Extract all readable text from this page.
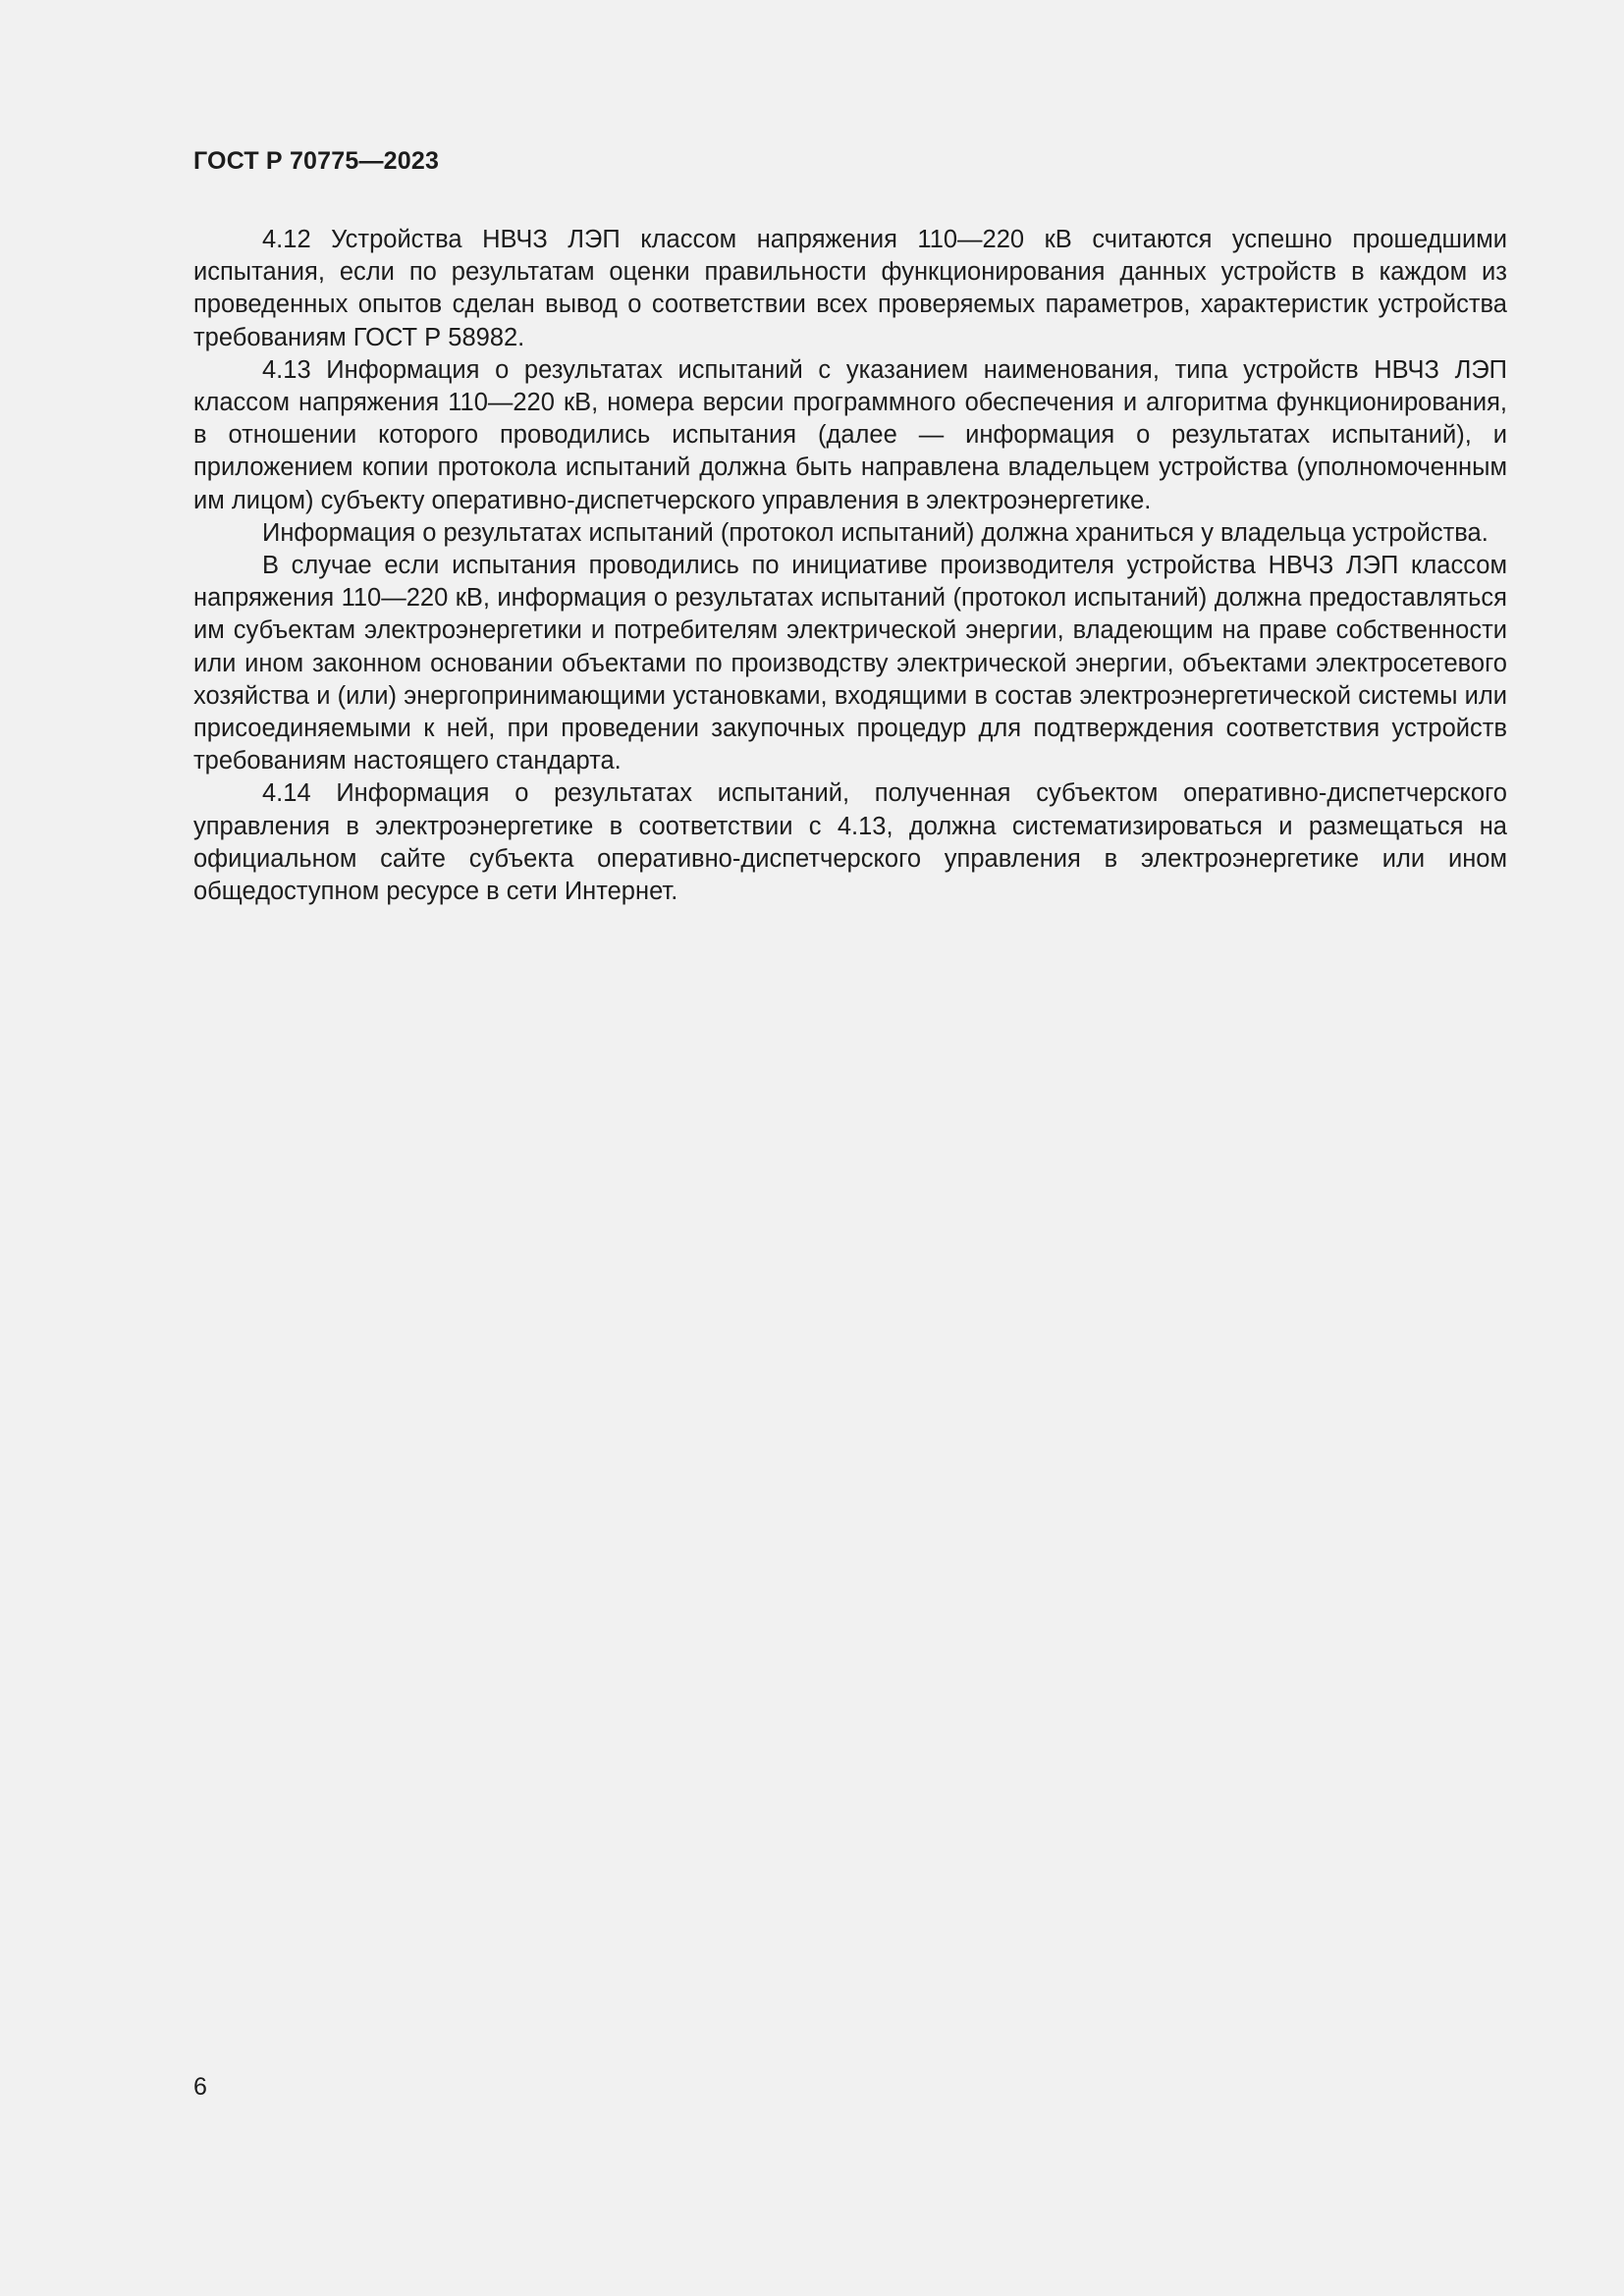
ГОСТ Р 70775—2023

4.12 Устройства НВЧЗ ЛЭП классом напряжения 110—220 кВ считаются успешно прошедшими испытания, если по результатам оценки правильности функционирования данных устройств в каждом из проведенных опытов сделан вывод о соответствии всех проверяемых параметров, характеристик устройства требованиям ГОСТ Р 58982.

4.13 Информация о результатах испытаний с указанием наименования, типа устройств НВЧЗ ЛЭП классом напряжения 110—220 кВ, номера версии программного обеспечения и алгоритма функционирования, в отношении которого проводились испытания (далее — информация о результатах испытаний), и приложением копии протокола испытаний должна быть направлена владельцем устройства (уполномоченным им лицом) субъекту оперативно-диспетчерского управления в электроэнергетике.

Информация о результатах испытаний (протокол испытаний) должна храниться у владельца устройства.

В случае если испытания проводились по инициативе производителя устройства НВЧЗ ЛЭП классом напряжения 110—220 кВ, информация о результатах испытаний (протокол испытаний) должна предоставляться им субъектам электроэнергетики и потребителям электрической энергии, владеющим на праве собственности или ином законном основании объектами по производству электрической энергии, объектами электросетевого хозяйства и (или) энергопринимающими установками, входящими в состав электроэнергетической системы или присоединяемыми к ней, при проведении закупочных процедур для подтверждения соответствия устройств требованиям настоящего стандарта.

4.14 Информация о результатах испытаний, полученная субъектом оперативно-диспетчерского управления в электроэнергетике в соответствии с 4.13, должна систематизироваться и размещаться на официальном сайте субъекта оперативно-диспетчерского управления в электроэнергетике или ином общедоступном ресурсе в сети Интернет.

6
